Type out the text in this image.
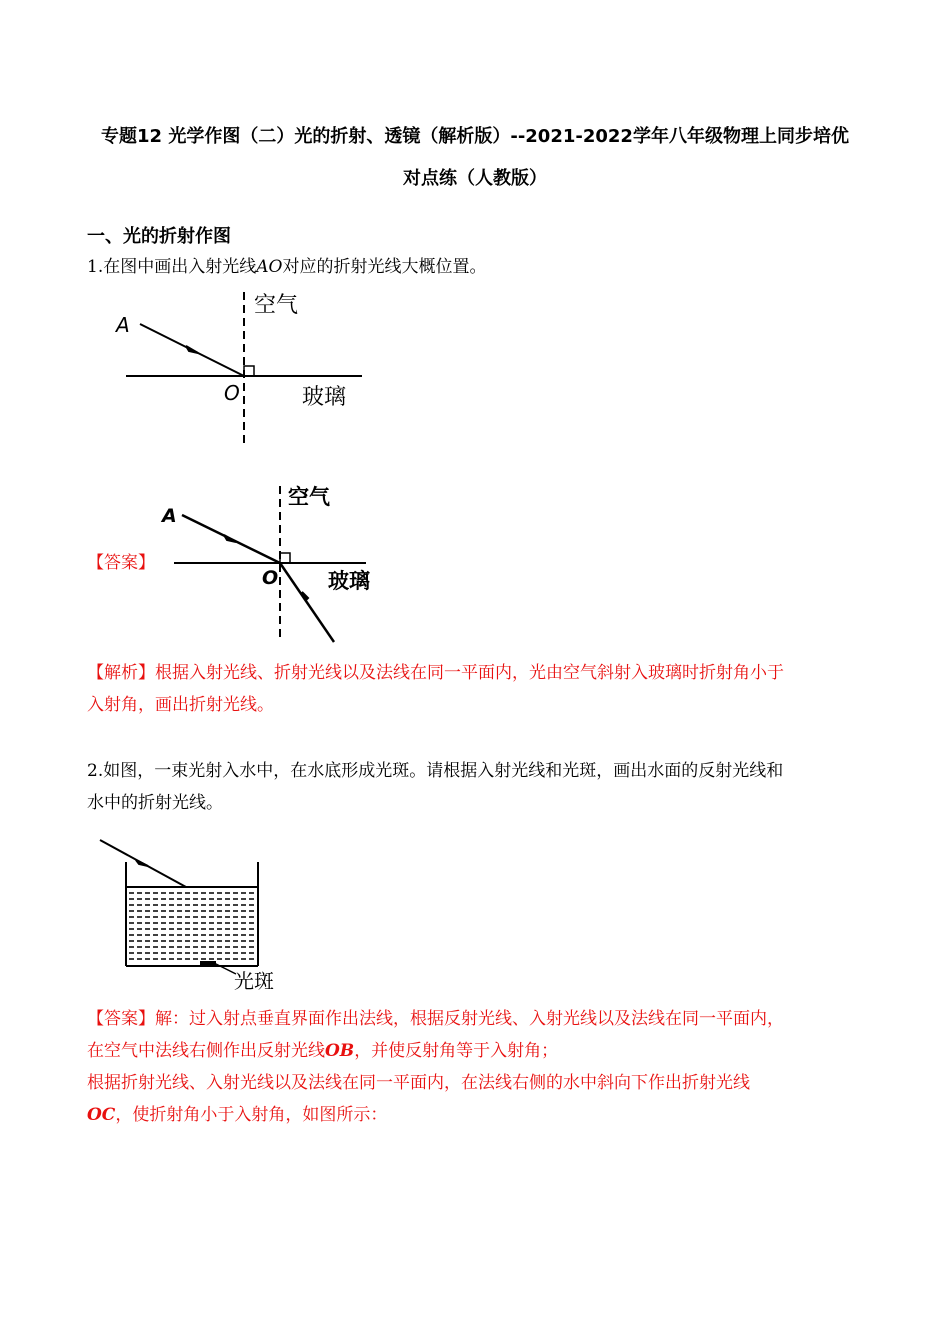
专题12 光学作图（二）光的折射、透镜（解析版）--2021-2022学年八年级物理上同步培优
对点练（人教版）
一、光的折射作图
1.在图中画出入射光线AO对应的折射光线大概位置。
A
O
空气
玻璃
【答案】
A
O
空气
玻璃
【解析】根据入射光线、折射光线以及法线在同一平面内，光由空气斜射入玻璃时折射角小于
入射角，画出折射光线。
2.如图，一束光射入水中，在水底形成光斑。请根据入射光线和光斑，画出水面的反射光线和
水中的折射光线。
光斑
【答案】解：过入射点垂直界面作出法线，根据反射光线、入射光线以及法线在同一平面内，
在空气中法线右侧作出反射光线OB，并使反射角等于入射角；
根据折射光线、入射光线以及法线在同一平面内，在法线右侧的水中斜向下作出折射光线
OC，使折射角小于入射角，如图所示：
